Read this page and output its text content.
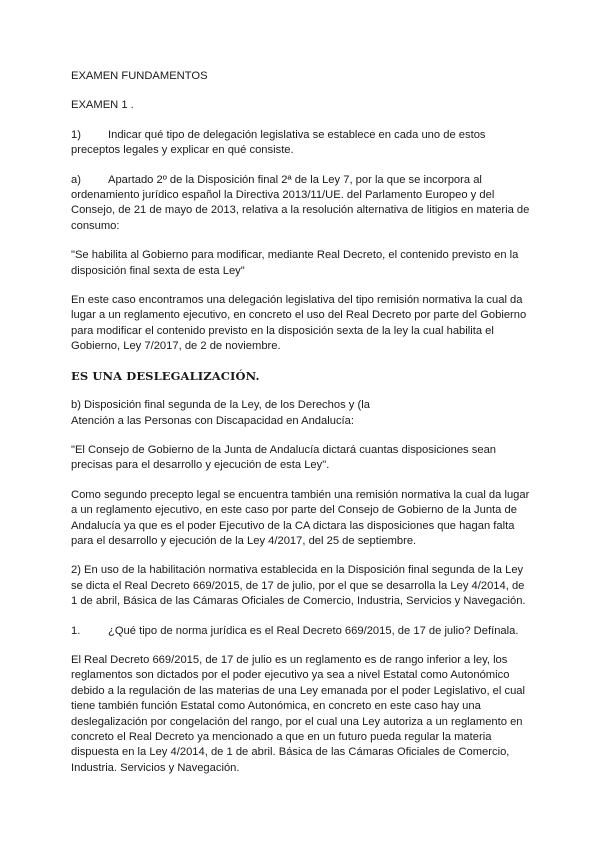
EXAMEN FUNDAMENTOS

EXAMEN 1 .

1)	Indicar qué tipo de delegación legislativa se establece en cada uno de estos

preceptos legales y explicar en qué consiste.

a)	Apartado 2º de la Disposición final 2ª de la Ley 7, por la que se incorpora al

ordenamiento jurídico español la Directiva 2013/11/UE. del Parlamento Europeo y del Consejo, de 21 de mayo de 2013, relativa a la resolución alternativa de litigios en materia de consumo:

"Se habilita al Gobierno para modificar, mediante Real Decreto, el contenido previsto en la disposición final sexta de esta Ley"

En este caso encontramos una delegación legislativa del tipo remisión normativa la cual da lugar a un reglamento ejecutivo, en concreto el uso del Real Decreto por parte del Gobierno para modificar el contenido previsto en la disposición sexta de la ley la cual habilita el Gobierno, Ley 7/2017, de 2 de noviembre.

ES UNA DESLEGALIZACIÓN.

b) Disposición final segunda de la Ley, de los Derechos y (la

Atención a las Personas con Discapacidad en Andalucía:

"El Consejo de Gobierno de la Junta de Andalucía dictará cuantas disposiciones sean precisas para el desarrollo y ejecución de esta Ley".

Como segundo precepto legal se encuentra también una remisión normativa la cual da lugar a un reglamento ejecutivo, en este caso por parte del Consejo de Gobierno de la Junta de Andalucía ya que es el poder Ejecutivo de la CA dictara las disposiciones que hagan falta para el desarrollo y ejecución de la Ley 4/2017, del 25 de septiembre.

2) En uso de la habilitación normativa establecida en la Disposición final segunda de la Ley se dicta el Real Decreto 669/2015, de 17 de julio, por el que se desarrolla la Ley 4/2014, de 1 de abril, Básica de las Cámaras Oficiales de Comercio, Industria, Servicios y Navegación.

1.	¿Qué tipo de norma jurídica es el Real Decreto 669/2015, de 17 de julio? Defínala.

El Real Decreto 669/2015, de 17 de julio es un reglamento es de rango inferior a ley, los reglamentos son dictados por el poder ejecutivo ya sea a nivel Estatal como Autonómico debido a la regulación de las materias de una Ley emanada por el poder Legislativo, el cual tiene también función Estatal como Autonómica, en concreto en este caso hay una deslegalización por congelación del rango, por el cual una Ley autoriza a un reglamento en concreto el Real Decreto ya mencionado a que en un futuro pueda regular la materia dispuesta en la Ley 4/2014, de 1 de abril. Básica de las Cámaras Oficiales de Comercio, Industria. Servicios y Navegación.
